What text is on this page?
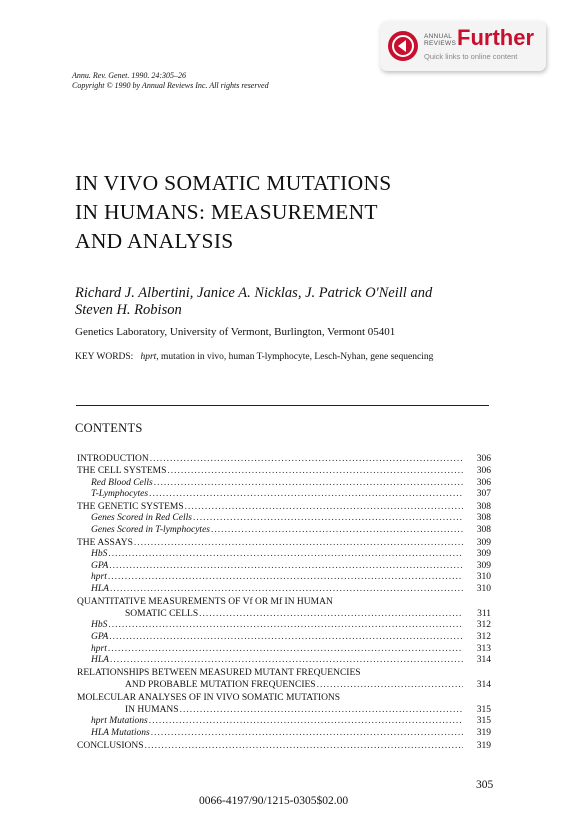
ANNUAL
REVIEWS Further
Quick links to online content
Annu. Rev. Genet. 1990. 24:305–26
Copyright © 1990 by Annual Reviews Inc. All rights reserved
IN VIVO SOMATIC MUTATIONS
IN HUMANS: MEASUREMENT
AND ANALYSIS
Richard J. Albertini, Janice A. Nicklas, J. Patrick O'Neill and
Steven H. Robison
Genetics Laboratory, University of Vermont, Burlington, Vermont 05401
KEY WORDS: hprt, mutation in vivo, human T-lymphocyte, Lesch-Nyhan, gene sequencing
CONTENTS
INTRODUCTION .....	306
THE CELL SYSTEMS .....	306
Red Blood Cells .....	306
T-Lymphocytes .....	307
THE GENETIC SYSTEMS .....	308
Genes Scored in Red Cells .....	308
Genes Scored in T-lymphocytes .....	308
THE ASSAYS .....	309
HbS .....	309
GPA .....	309
hprt .....	310
HLA .....	310
QUANTITATIVE MEASUREMENTS OF Vf OR Mf IN HUMAN
SOMATIC CELLS .....	311
HbS .....	312
GPA .....	312
hprt .....	313
HLA .....	314
RELATIONSHIPS BETWEEN MEASURED MUTANT FREQUENCIES
AND PROBABLE MUTATION FREQUENCIES .....	314
MOLECULAR ANALYSES OF IN VIVO SOMATIC MUTATIONS
IN HUMANS .....	315
hprt Mutations .....	315
HLA Mutations .....	319
CONCLUSIONS .....	319
305
0066-4197/90/1215-0305$02.00
